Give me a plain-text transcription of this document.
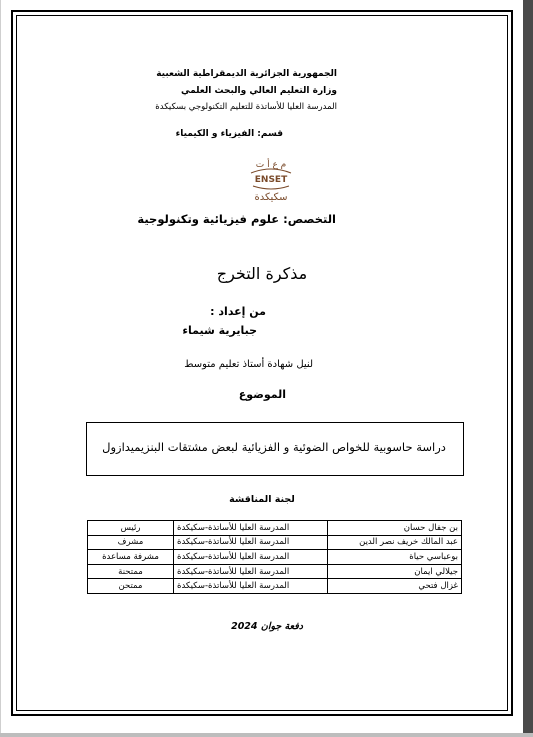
الجمهورية الجزائرية الديمقراطية الشعبية
وزارة التعليم العالي والبحث العلمي
المدرسة العليا للأساتذة للتعليم التكنولوجي بسكيكدة
قسم: الفيزياء و الكيمياء
م ع أ ت
ENSET
سكيكدة
التخصص: علوم فيزيائية وتكنولوجية
مذكرة التخرج
من إعداد :
جبايرية شيماء
لنيل شهادة أستاذ تعليم متوسط
الموضوع
دراسة حاسوبية للخواص الضوئية و الفزيائية لبعض مشتقات البنزيميدازول
لجنة المناقشة
بن جفال حسان	المدرسة العليا للأساتذة-سكيكدة	رئيس
عبد المالك خريف نصر الدين	المدرسة العليا للأساتذة-سكيكدة	مشرف
بوعباسي حياة	المدرسة العليا للأساتذة-سكيكدة	مشرفة مساعدة
جيلالي ايمان	المدرسة العليا للأساتذة-سكيكدة	ممتحنة
غزال فتحي	المدرسة العليا للأساتذة-سكيكدة	ممتحن
دفعة جوان 2024
